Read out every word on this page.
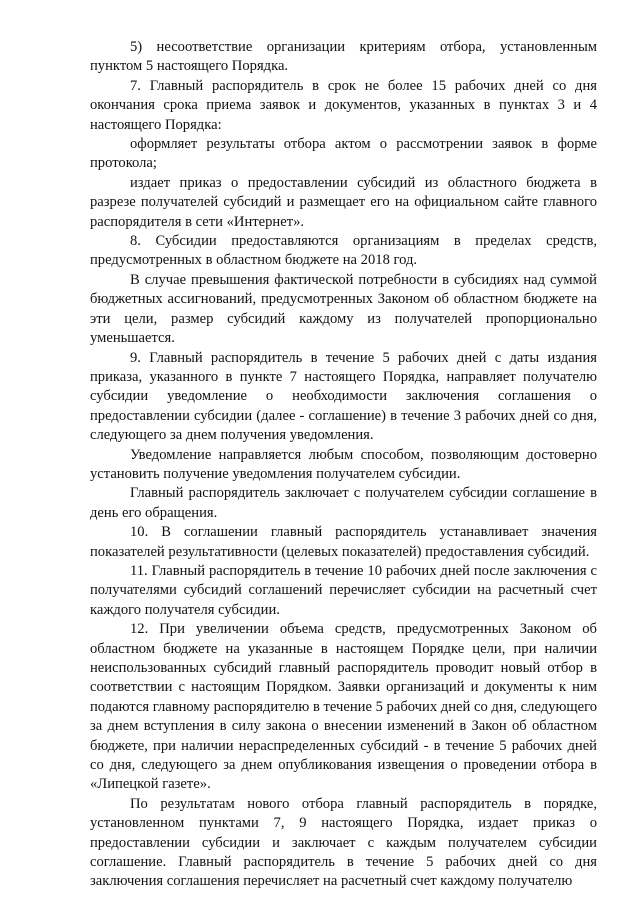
5) несоответствие организации критериям отбора, установленным пунктом 5 настоящего Порядка.

7. Главный распорядитель в срок не более 15 рабочих дней со дня окончания срока приема заявок и документов, указанных в пунктах 3 и 4 настоящего Порядка:

оформляет результаты отбора актом о рассмотрении заявок в форме протокола;

издает приказ о предоставлении субсидий из областного бюджета в разрезе получателей субсидий и размещает его на официальном сайте главного распорядителя в сети «Интернет».

8. Субсидии предоставляются организациям в пределах средств, предусмотренных в областном бюджете на 2018 год.

В случае превышения фактической потребности в субсидиях над суммой бюджетных ассигнований, предусмотренных Законом об областном бюджете на эти цели, размер субсидий каждому из получателей пропорционально уменьшается.

9. Главный распорядитель в течение 5 рабочих дней с даты издания приказа, указанного в пункте 7 настоящего Порядка, направляет получателю субсидии уведомление о необходимости заключения соглашения о предоставлении субсидии (далее - соглашение) в течение 3 рабочих дней со дня, следующего за днем получения уведомления.

Уведомление направляется любым способом, позволяющим достоверно установить получение уведомления получателем субсидии.

Главный распорядитель заключает с получателем субсидии соглашение в день его обращения.

10. В соглашении главный распорядитель устанавливает значения показателей результативности (целевых показателей) предоставления субсидий.

11. Главный распорядитель в течение 10 рабочих дней после заключения с получателями субсидий соглашений перечисляет субсидии на расчетный счет каждого получателя субсидии.

12. При увеличении объема средств, предусмотренных Законом об областном бюджете на указанные в настоящем Порядке цели, при наличии неиспользованных субсидий главный распорядитель проводит новый отбор в соответствии с настоящим Порядком. Заявки организаций и документы к ним подаются главному распорядителю в течение 5 рабочих дней со дня, следующего за днем вступления в силу закона о внесении изменений в Закон об областном бюджете, при наличии нераспределенных субсидий - в течение 5 рабочих дней со дня, следующего за днем опубликования извещения о проведении отбора в «Липецкой газете».

По результатам нового отбора главный распорядитель в порядке, установленном пунктами 7, 9 настоящего Порядка, издает приказ о предоставлении субсидии и заключает с каждым получателем субсидии соглашение. Главный распорядитель в течение 5 рабочих дней со дня заключения соглашения перечисляет на расчетный счет каждому получателю
